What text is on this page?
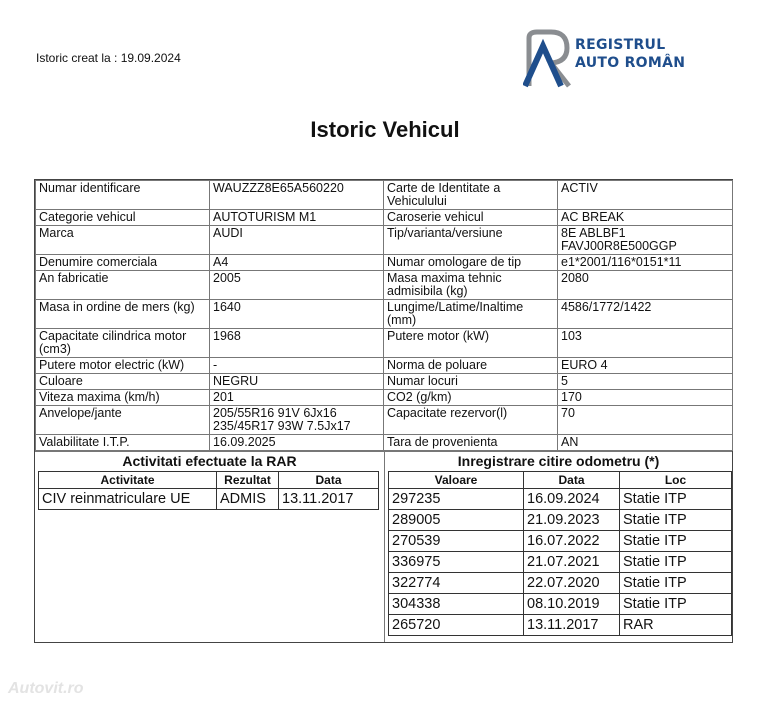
Istoric creat la : 19.09.2024
REGISTRUL
AUTO ROMÂN
Istoric Vehicul
Numar identificare	WAUZZZ8E65A560220	Carte de Identitate a Vehiculului	ACTIV
Categorie vehicul	AUTOTURISM M1	Caroserie vehicul	AC BREAK
Marca	AUDI	Tip/varianta/versiune	8E ABLBF1 FAVJ00R8E500GGP
Denumire comerciala	A4	Numar omologare de tip	e1*2001/116*0151*11
An fabricatie	2005	Masa maxima tehnic admisibila (kg)	2080
Masa in ordine de mers (kg)	1640	Lungime/Latime/Inaltime (mm)	4586/1772/1422
Capacitate cilindrica motor (cm3)	1968	Putere motor (kW)	103
Putere motor electric (kW)	-	Norma de poluare	EURO 4
Culoare	NEGRU	Numar locuri	5
Viteza maxima (km/h)	201	CO2 (g/km)	170
Anvelope/jante	205/55R16 91V 6Jx16 235/45R17 93W 7.5Jx17	Capacitate rezervor(l)	70
Valabilitate I.T.P.	16.09.2025	Tara de provenienta	AN
Activitati efectuate la RAR
Activitate	Rezultat	Data
CIV reinmatriculare UE	ADMIS	13.11.2017
Inregistrare citire odometru (*)
Valoare	Data	Loc
297235	16.09.2024	Statie ITP
289005	21.09.2023	Statie ITP
270539	16.07.2022	Statie ITP
336975	21.07.2021	Statie ITP
322774	22.07.2020	Statie ITP
304338	08.10.2019	Statie ITP
265720	13.11.2017	RAR
Autovit.ro
